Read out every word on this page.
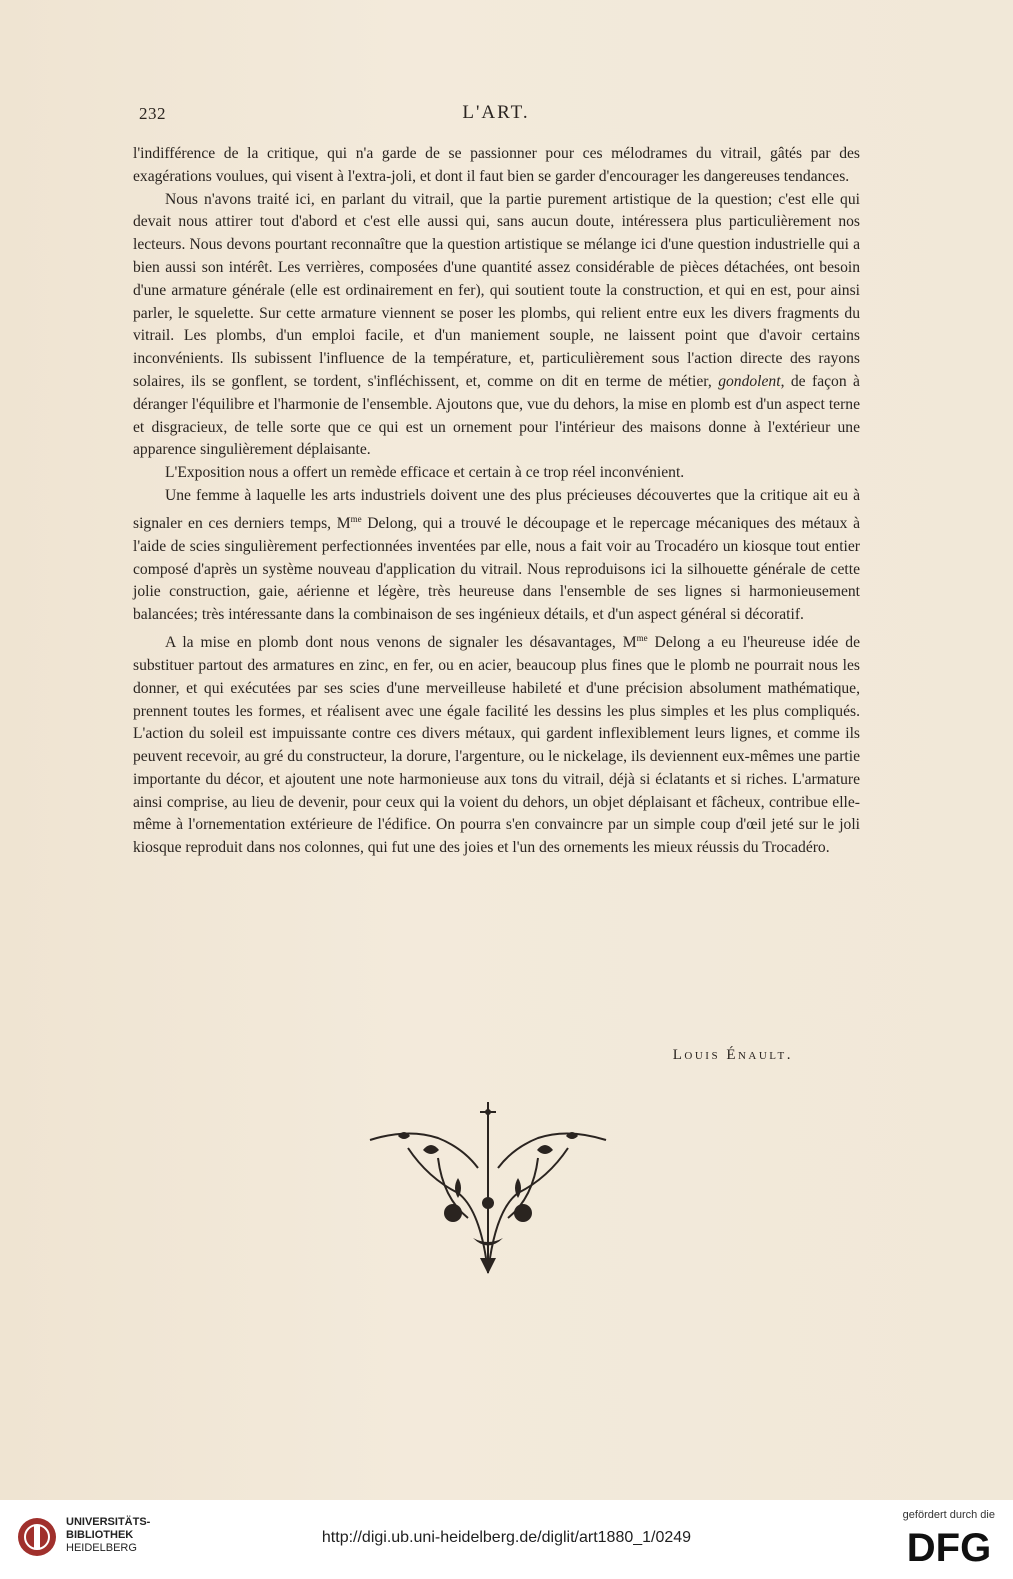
232	L'ART.

l'indifférence de la critique, qui n'a garde de se passionner pour ces mélodrames du vitrail, gâtés par des exagérations voulues, qui visent à l'extra-joli, et dont il faut bien se garder d'encourager les dangereuses tendances.

Nous n'avons traité ici, en parlant du vitrail, que la partie purement artistique de la question; c'est elle qui devait nous attirer tout d'abord et c'est elle aussi qui, sans aucun doute, intéressera plus particulièrement nos lecteurs. Nous devons pourtant reconnaître que la question artistique se mélange ici d'une question industrielle qui a bien aussi son intérêt. Les verrières, composées d'une quantité assez considérable de pièces détachées, ont besoin d'une armature générale (elle est ordinairement en fer), qui soutient toute la construction, et qui en est, pour ainsi parler, le squelette. Sur cette armature viennent se poser les plombs, qui relient entre eux les divers fragments du vitrail. Les plombs, d'un emploi facile, et d'un maniement souple, ne laissent point que d'avoir certains inconvénients. Ils subissent l'influence de la température, et, particulièrement sous l'action directe des rayons solaires, ils se gonflent, se tordent, s'infléchissent, et, comme on dit en terme de métier, gondolent, de façon à déranger l'équilibre et l'harmonie de l'ensemble. Ajoutons que, vue du dehors, la mise en plomb est d'un aspect terne et disgracieux, de telle sorte que ce qui est un ornement pour l'intérieur des maisons donne à l'extérieur une apparence singulièrement déplaisante.

L'Exposition nous a offert un remède efficace et certain à ce trop réel inconvénient.

Une femme à laquelle les arts industriels doivent une des plus précieuses découvertes que la critique ait eu à signaler en ces derniers temps, $M^{me}$ Delong, qui a trouvé le découpage et le repercage mécaniques des métaux à l'aide de scies singulièrement perfectionnées inventées par elle, nous a fait voir au Trocadéro un kiosque tout entier composé d'après un système nouveau d'application du vitrail. Nous reproduisons ici la silhouette générale de cette jolie construction, gaie, aérienne et légère, très heureuse dans l'ensemble de ses lignes si harmonieusement balancées; très intéressante dans la combinaison de ses ingénieux détails, et d'un aspect général si décoratif.

A la mise en plomb dont nous venons de signaler les désavantages, $M^{me}$ Delong a eu l'heureuse idée de substituer partout des armatures en zinc, en fer, ou en acier, beaucoup plus fines que le plomb ne pourrait nous les donner, et qui exécutées par ses scies d'une merveilleuse habileté et d'une précision absolument mathématique, prennent toutes les formes, et réalisent avec une égale facilité les dessins les plus simples et les plus compliqués. L'action du soleil est impuissante contre ces divers métaux, qui gardent inflexiblement leurs lignes, et comme ils peuvent recevoir, au gré du constructeur, la dorure, l'argenture, ou le nickelage, ils deviennent eux-mêmes une partie importante du décor, et ajoutent une note harmonieuse aux tons du vitrail, déjà si éclatants et si riches. L'armature ainsi comprise, au lieu de devenir, pour ceux qui la voient du dehors, un objet déplaisant et fâcheux, contribue elle-même à l'ornementation extérieure de l'édifice. On pourra s'en convaincre par un simple coup d'œil jeté sur le joli kiosque reproduit dans nos colonnes, qui fut une des joies et l'un des ornements les mieux réussis du Trocadéro.

Louis Énault.
UNIVERSITÄTS-
BIBLIOTHEK
HEIDELBERG
http://digi.ub.uni-heidelberg.de/diglit/art1880_1/0249
gefördert durch die
DFG
